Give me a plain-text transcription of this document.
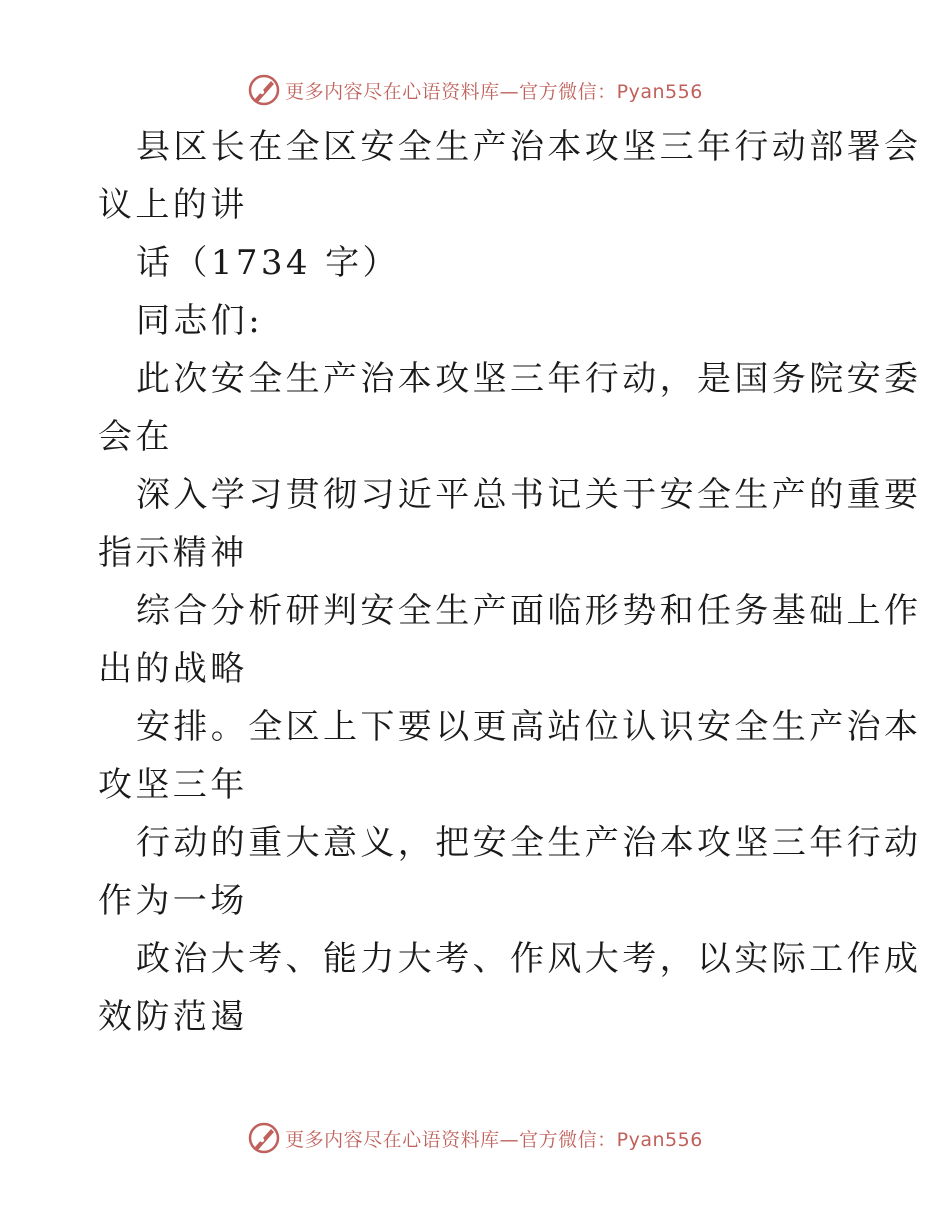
更多内容尽在心语资料库—官方微信：Pyan556
县区长在全区安全生产治本攻坚三年行动部署会
议上的讲
话（1734 字）
同志们:
此次安全生产治本攻坚三年行动，是国务院安委
会在
深入学习贯彻习近平总书记关于安全生产的重要
指示精神
综合分析研判安全生产面临形势和任务基础上作
出的战略
安排。全区上下要以更高站位认识安全生产治本
攻坚三年
行动的重大意义，把安全生产治本攻坚三年行动
作为一场
政治大考、能力大考、作风大考，以实际工作成
效防范遏
更多内容尽在心语资料库—官方微信：Pyan556
